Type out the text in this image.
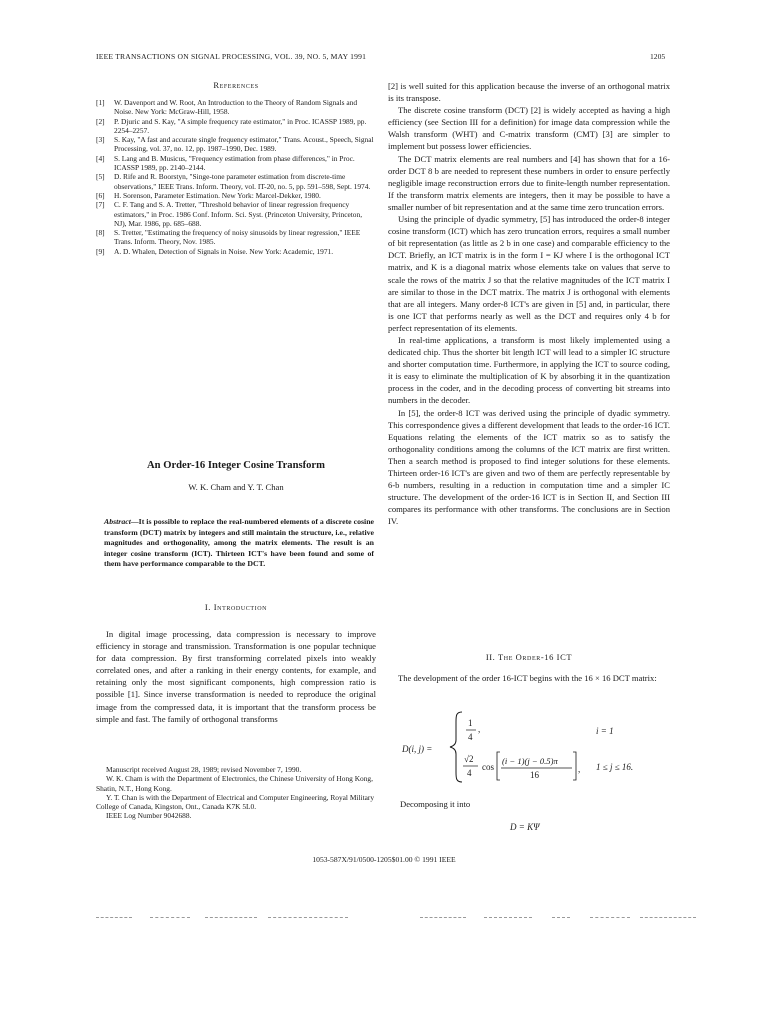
IEEE TRANSACTIONS ON SIGNAL PROCESSING, VOL. 39, NO. 5, MAY 1991	1205
References
[1]	W. Davenport and W. Root, An Introduction to the Theory of Random Signals and Noise. New York: McGraw-Hill, 1958.
[2]	P. Djuric and S. Kay, "A simple frequency rate estimator," in Proc. ICASSP 1989, pp. 2254–2257.
[3]	S. Kay, "A fast and accurate single frequency estimator," Trans. Acoust., Speech, Signal Processing, vol. 37, no. 12, pp. 1987–1990, Dec. 1989.
[4]	S. Lang and B. Musicus, "Frequency estimation from phase differences," in Proc. ICASSP 1989, pp. 2140–2144.
[5]	D. Rife and R. Boorstyn, "Singe-tone parameter estimation from discrete-time observations," IEEE Trans. Inform. Theory, vol. IT-20, no. 5, pp. 591–598, Sept. 1974.
[6]	H. Sorenson, Parameter Estimation. New York: Marcel-Dekker, 1980.
[7]	C. F. Tang and S. A. Tretter, "Threshold behavior of linear regression frequency estimators," in Proc. 1986 Conf. Inform. Sci. Syst. (Princeton University, Princeton, NJ), Mar. 1986, pp. 685–688.
[8]	S. Tretter, "Estimating the frequency of noisy sinusoids by linear regression," IEEE Trans. Inform. Theory, Nov. 1985.
[9]	A. D. Whalen, Detection of Signals in Noise. New York: Academic, 1971.
An Order-16 Integer Cosine Transform
W. K. Cham and Y. T. Chan
Abstract—It is possible to replace the real-numbered elements of a discrete cosine transform (DCT) matrix by integers and still maintain the structure, i.e., relative magnitudes and orthogonality, among the matrix elements. The result is an integer cosine transform (ICT). Thirteen ICT's have been found and some of them have performance comparable to the DCT.
I. Introduction

In digital image processing, data compression is necessary to improve efficiency in storage and transmission. Transformation is one popular technique for data compression. By first transforming correlated pixels into weakly correlated ones, and after a ranking in their energy contents, for example, and retaining only the most significant components, high compression ratio is possible [1]. Since inverse transformation is needed to reproduce the original image from the compressed data, it is important that the transform process be simple and fast. The family of orthogonal transforms

Manuscript received August 28, 1989; revised November 7, 1990.
W. K. Cham is with the Department of Electronics, the Chinese University of Hong Kong, Shatin, N.T., Hong Kong.
Y. T. Chan is with the Department of Electrical and Computer Engineering, Royal Military College of Canada, Kingston, Ont., Canada K7K 5L0.
IEEE Log Number 9042688.

[2] is well suited for this application because the inverse of an orthogonal matrix is its transpose.

The discrete cosine transform (DCT) [2] is widely accepted as having a high efficiency (see Section III for a definition) for image data compression while the Walsh transform (WHT) and C-matrix transform (CMT) [3] are simpler to implement but possess lower efficiencies.

The DCT matrix elements are real numbers and [4] has shown that for a 16-order DCT 8 b are needed to represent these numbers in order to ensure perfectly negligible image reconstruction errors due to finite-length number representation. If the transform matrix elements are integers, then it may be possible to have a smaller number of bit representation and at the same time zero truncation errors.

Using the principle of dyadic symmetry, [5] has introduced the order-8 integer cosine transform (ICT) which has zero truncation errors, requires a small number of bit representation (as little as 2 b in one case) and comparable efficiency to the DCT. Briefly, an ICT matrix is in the form I = KJ where I is the orthogonal ICT matrix, and K is a diagonal matrix whose elements take on values that serve to scale the rows of the matrix J so that the relative magnitudes of the ICT matrix I are similar to those in the DCT matrix. The matrix J is orthogonal with elements that are all integers. Many order-8 ICT's are given in [5] and, in particular, there is one ICT that performs nearly as well as the DCT and requires only 4 b for perfect representation of its elements.

In real-time applications, a transform is most likely implemented using a dedicated chip. Thus the shorter bit length ICT will lead to a simpler IC structure and shorter computation time. Furthermore, in applying the ICT to source coding, it is easy to eliminate the multiplication of K by absorbing it in the quantization process in the coder, and in the decoding process of converting bit streams into numbers in the decoder.

In [5], the order-8 ICT was derived using the principle of dyadic symmetry. This correspondence gives a different development that leads to the order-16 ICT. Equations relating the elements of the ICT matrix so as to satisfy the orthogonality conditions among the columns of the ICT matrix are first written. Then a search method is proposed to find integer solutions for these elements. Thirteen order-16 ICT's are given and two of them are perfectly representable by 6-b numbers, resulting in a reduction in computation time and a simpler IC structure. The development of the order-16 ICT is in Section II, and Section III compares its performance with other transforms. The conclusions are in Section IV.

II. The Order-16 ICT

The development of the order 16-ICT begins with the 16 × 16 DCT matrix:

D(i, j) =
1
4
,	i = 1
√2
4
cos
(i − 1)(j − 0.5)π
16
, 1 ≤ j ≤ 16.
Decomposing it into
D = KΨ
1053-587X/91/0500-1205$01.00 © 1991 IEEE
